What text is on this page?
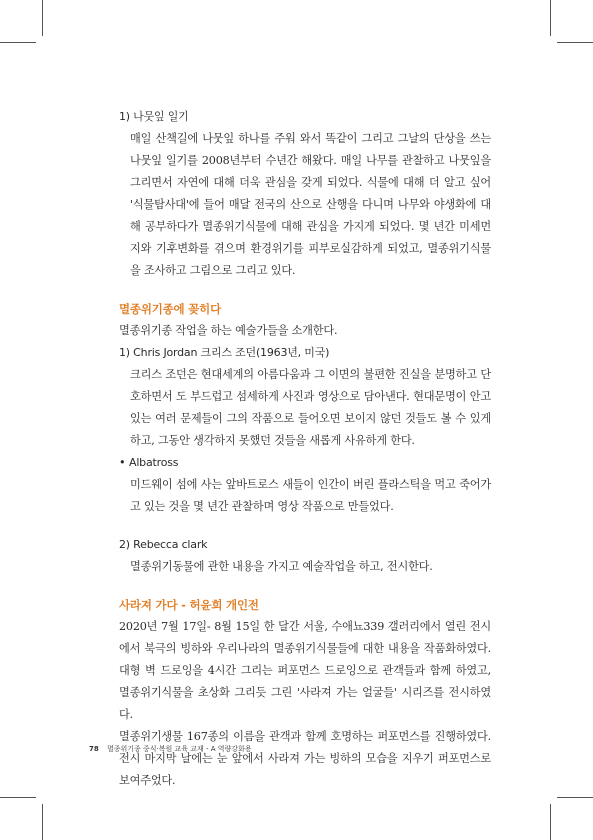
1) 나뭇잎 일기
매일 산책길에 나뭇잎 하나를 주워 와서 똑같이 그리고 그날의 단상을 쓰는 나뭇잎 일기를 2008년부터 수년간 해왔다. 매일 나무를 관찰하고 나뭇잎을 그리면서 자연에 대해 더욱 관심을 갖게 되었다. 식물에 대해 더 알고 싶어 '식물탐사대'에 들어 매달 전국의 산으로 산행을 다니며 나무와 야생화에 대해 공부하다가 멸종위기식물에 대해 관심을 가지게 되었다. 몇 년간 미세먼지와 기후변화를 겪으며 환경위기를 피부로실감하게 되었고, 멸종위기식물을 조사하고 그림으로 그리고 있다.
멸종위기종에 꽂히다
멸종위기종 작업을 하는 예술가들을 소개한다.
1) Chris Jordan 크리스 조던(1963년, 미국)
크리스 조던은 현대세계의 아름다움과 그 이면의 불편한 진실을 분명하고 단호하면서 도 부드럽고 섬세하게 사진과 영상으로 담아낸다. 현대문명이 안고 있는 여러 문제들이 그의 작품으로 들어오면 보이지 않던 것들도 볼 수 있게 하고, 그동안 생각하지 못했던 것들을 새롭게 사유하게 한다.
• Albatross
미드웨이 섬에 사는 앞바트로스 새들이 인간이 버린 플라스틱을 먹고 죽어가고 있는 것을 몇 년간 관찰하며 영상 작품으로 만들었다.
2) Rebecca clark
멸종위기동물에 관한 내용을 가지고 예술작업을 하고, 전시한다.
사라져 가다 - 허윤희 개인전
2020년 7월 17일- 8월 15일 한 달간 서울, 수애뇨339 갤러리에서 열린 전시에서 북극의 빙하와 우리나라의 멸종위기식물들에 대한 내용을 작품화하였다. 대형 벽 드로잉을 4시간 그리는 퍼포먼스 드로잉으로 관객들과 함께 하였고, 멸종위기식물을 초상화 그리듯 그린 '사라져 가는 얼굴들' 시리즈를 전시하였다.
멸종위기생물 167종의 이름을 관객과 함께 호명하는 퍼포먼스를 진행하였다. 전시 마지막 날에는 눈 앞에서 사라져 가는 빙하의 모습을 지우기 퍼포먼스로 보여주었다.
78 멸종위기종 중식·복원 교육 교재 - A 역량강화용
